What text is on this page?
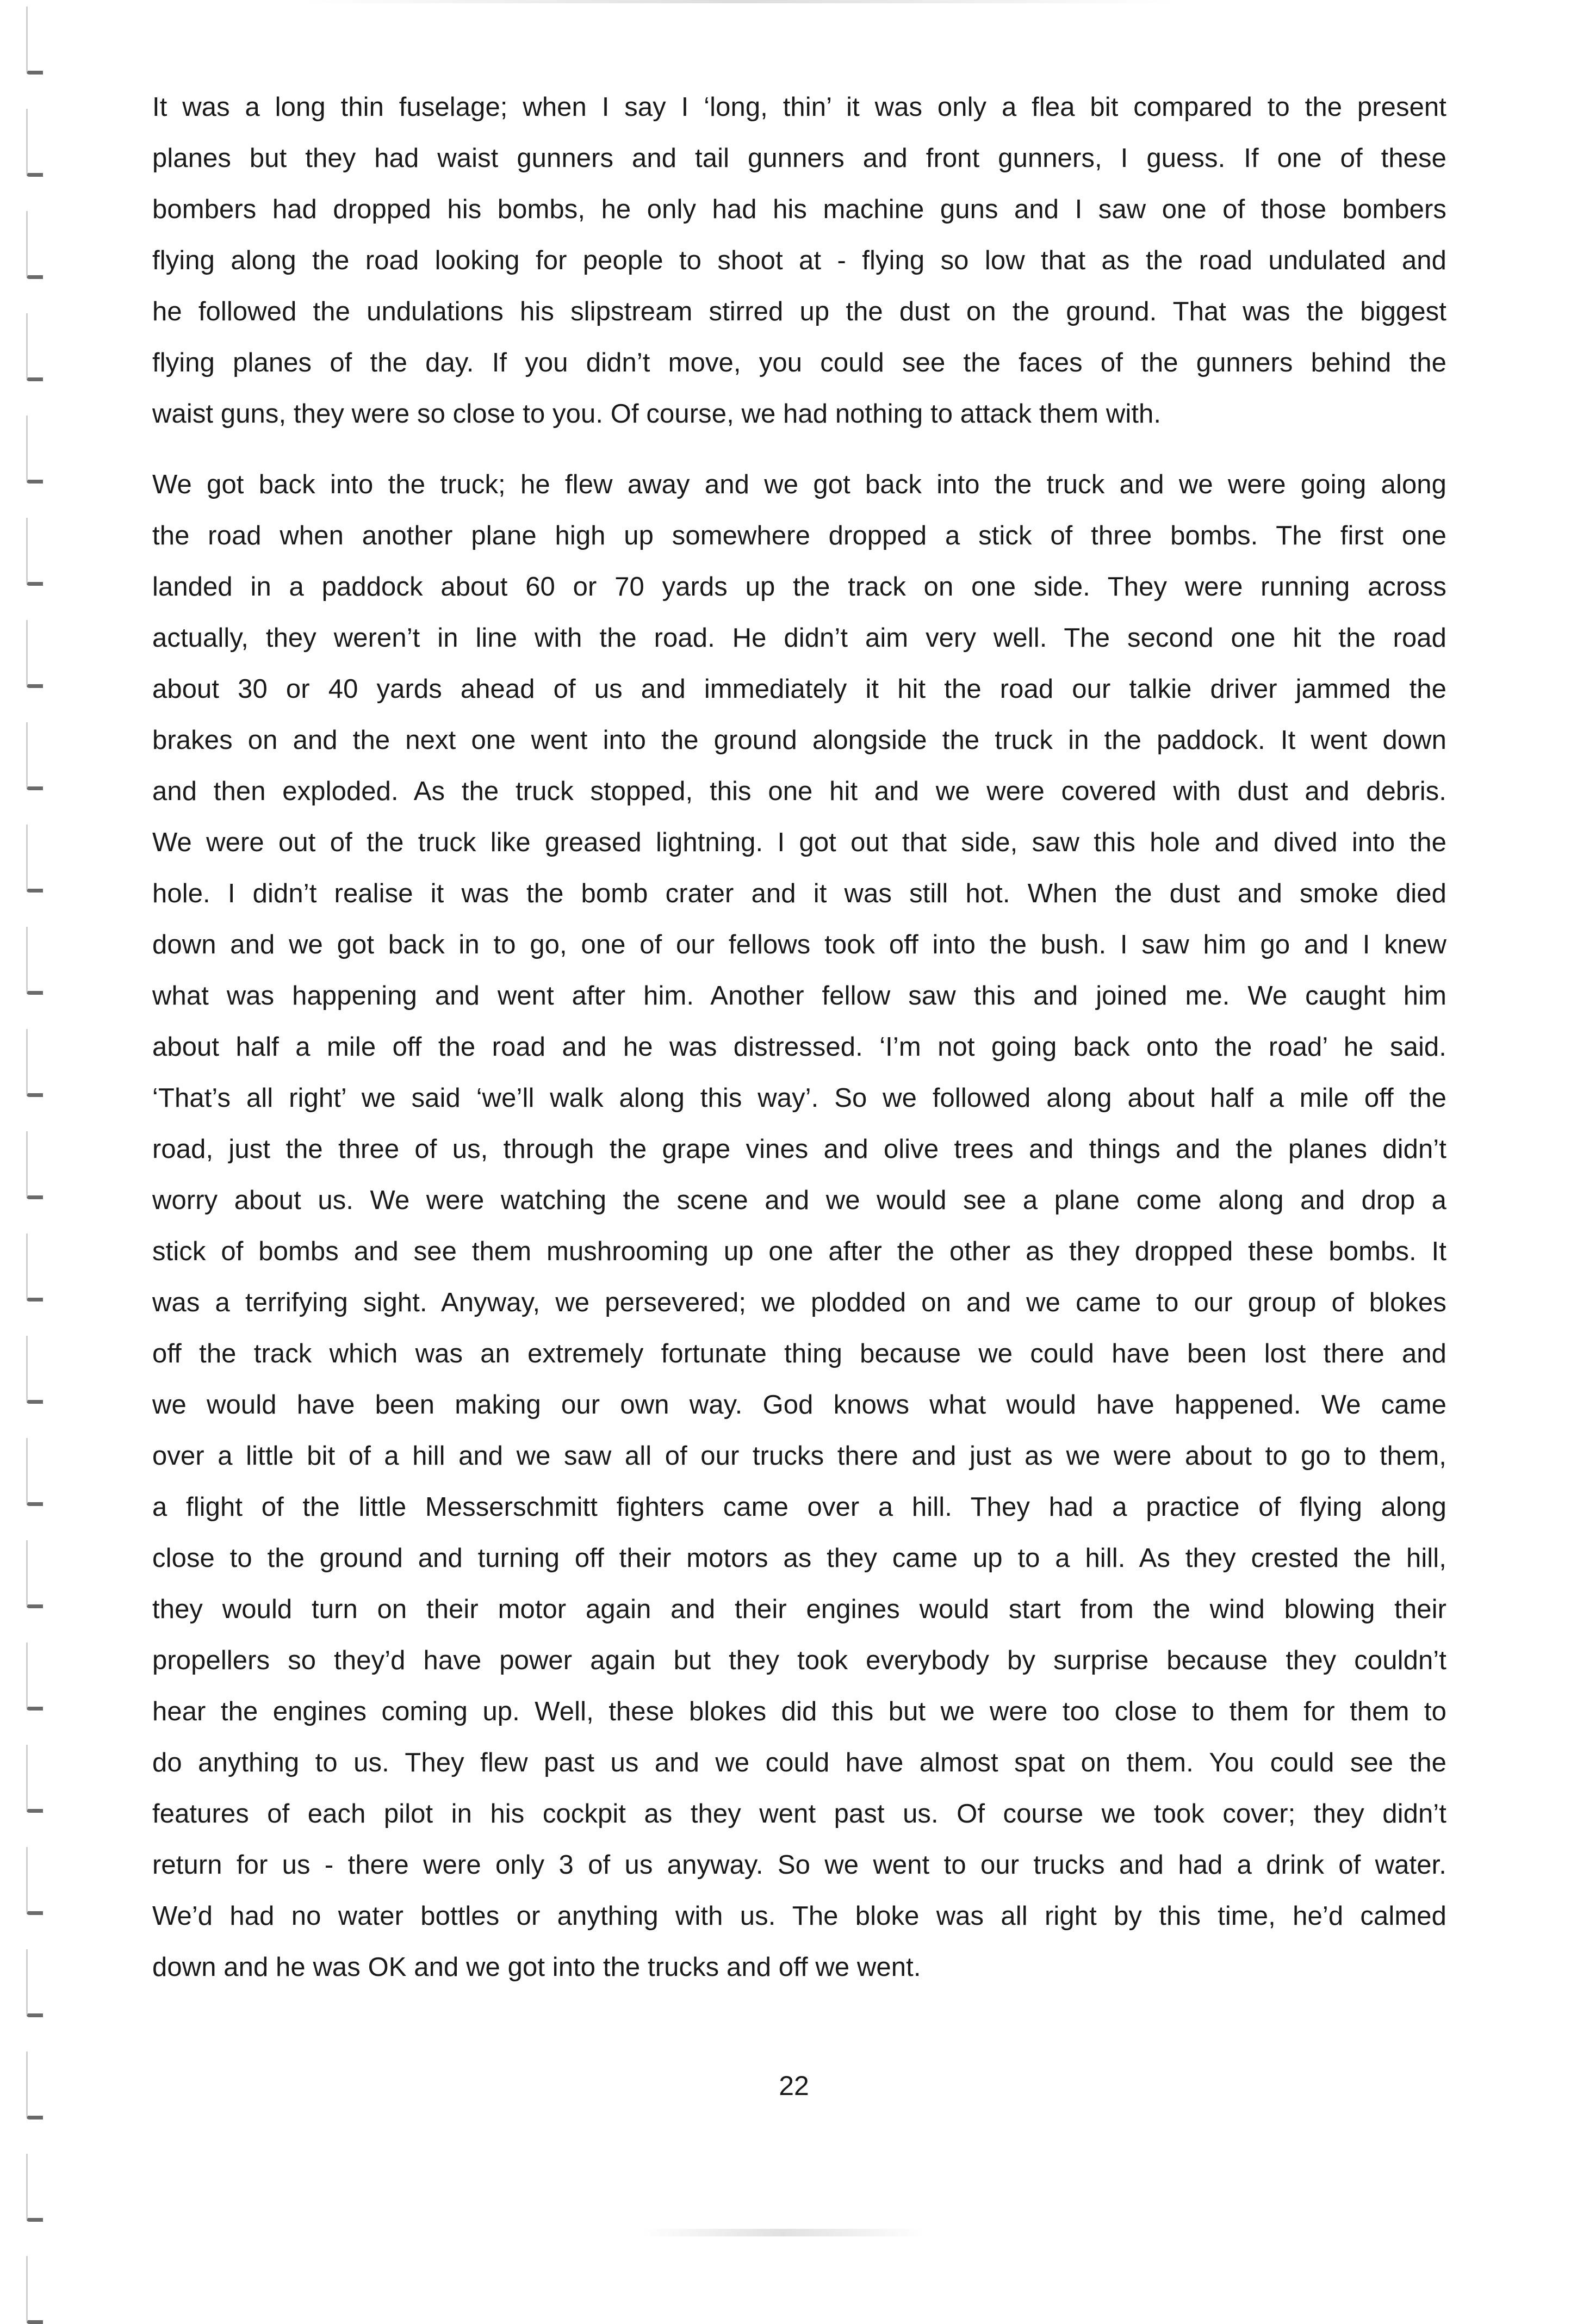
It was a long thin fuselage; when I say I ‘long, thin’ it was only a flea bit compared to the present
planes but they had waist gunners and tail gunners and front gunners, I guess. If one of these
bombers had dropped his bombs, he only had his machine guns and I saw one of those bombers
flying along the road looking for people to shoot at - flying so low that as the road undulated and
he followed the undulations his slipstream stirred up the dust on the ground. That was the biggest
flying planes of the day. If you didn’t move, you could see the faces of the gunners behind the
waist guns, they were so close to you. Of course, we had nothing to attack them with.
We got back into the truck; he flew away and we got back into the truck and we were going along
the road when another plane high up somewhere dropped a stick of three bombs. The first one
landed in a paddock about 60 or 70 yards up the track on one side. They were running across
actually, they weren’t in line with the road. He didn’t aim very well. The second one hit the road
about 30 or 40 yards ahead of us and immediately it hit the road our talkie driver jammed the
brakes on and the next one went into the ground alongside the truck in the paddock. It went down
and then exploded. As the truck stopped, this one hit and we were covered with dust and debris.
We were out of the truck like greased lightning. I got out that side, saw this hole and dived into the
hole. I didn’t realise it was the bomb crater and it was still hot. When the dust and smoke died
down and we got back in to go, one of our fellows took off into the bush. I saw him go and I knew
what was happening and went after him. Another fellow saw this and joined me. We caught him
about half a mile off the road and he was distressed. ‘I’m not going back onto the road’ he said.
‘That’s all right’ we said ‘we’ll walk along this way’. So we followed along about half a mile off the
road, just the three of us, through the grape vines and olive trees and things and the planes didn’t
worry about us. We were watching the scene and we would see a plane come along and drop a
stick of bombs and see them mushrooming up one after the other as they dropped these bombs. It
was a terrifying sight. Anyway, we persevered; we plodded on and we came to our group of blokes
off the track which was an extremely fortunate thing because we could have been lost there and
we would have been making our own way. God knows what would have happened. We came
over a little bit of a hill and we saw all of our trucks there and just as we were about to go to them,
a flight of the little Messerschmitt fighters came over a hill. They had a practice of flying along
close to the ground and turning off their motors as they came up to a hill. As they crested the hill,
they would turn on their motor again and their engines would start from the wind blowing their
propellers so they’d have power again but they took everybody by surprise because they couldn’t
hear the engines coming up. Well, these blokes did this but we were too close to them for them to
do anything to us. They flew past us and we could have almost spat on them. You could see the
features of each pilot in his cockpit as they went past us. Of course we took cover; they didn’t
return for us - there were only 3 of us anyway. So we went to our trucks and had a drink of water.
We’d had no water bottles or anything with us. The bloke was all right by this time, he’d calmed
down and he was OK and we got into the trucks and off we went.
22
